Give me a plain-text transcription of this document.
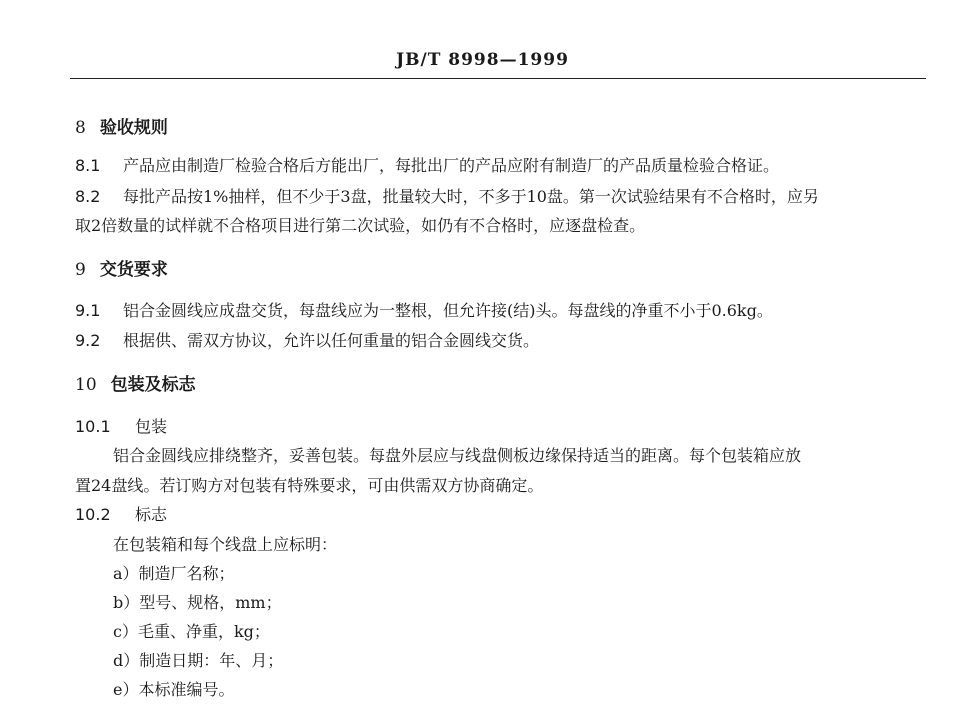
JB/T 8998—1999
8 验收规则
8.1 产品应由制造厂检验合格后方能出厂，每批出厂的产品应附有制造厂的产品质量检验合格证。
8.2 每批产品按1%抽样，但不少于3盘，批量较大时，不多于10盘。第一次试验结果有不合格时，应另
取2倍数量的试样就不合格项目进行第二次试验，如仍有不合格时，应逐盘检查。
9 交货要求
9.1 铝合金圆线应成盘交货，每盘线应为一整根，但允许接(结)头。每盘线的净重不小于0.6kg。
9.2 根据供、需双方协议，允许以任何重量的铝合金圆线交货。
10 包装及标志
10.1 包装
铝合金圆线应排绕整齐，妥善包装。每盘外层应与线盘侧板边缘保持适当的距离。每个包装箱应放
置24盘线。若订购方对包装有特殊要求，可由供需双方协商确定。
10.2 标志
在包装箱和每个线盘上应标明：
a）制造厂名称；
b）型号、规格，mm；
c）毛重、净重，kg；
d）制造日期：年、月；
e）本标准编号。
